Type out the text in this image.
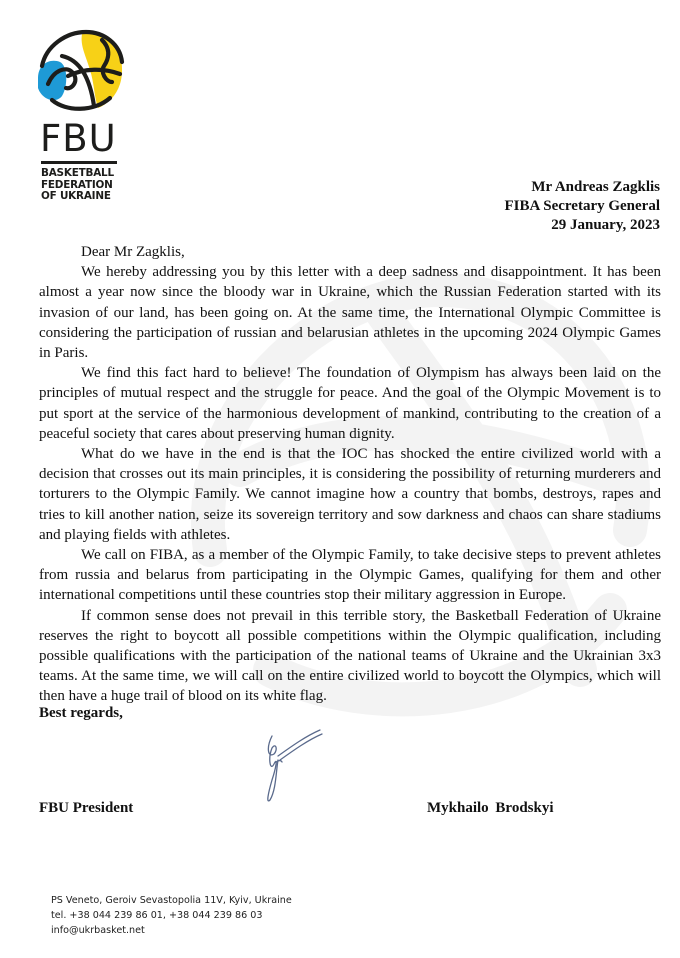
FBU
BASKETBALL
FEDERATION
OF UKRAINE
Mr Andreas Zagklis
FIBA Secretary General
29 January, 2023
Dear Mr Zagklis,

We hereby addressing you by this letter with a deep sadness and disappointment. It has been almost a year now since the bloody war in Ukraine, which the Russian Federation started with its invasion of our land, has been going on. At the same time, the International Olympic Committee is considering the participation of russian and belarusian athletes in the upcoming 2024 Olympic Games in Paris.

We find this fact hard to believe! The foundation of Olympism has always been laid on the principles of mutual respect and the struggle for peace. And the goal of the Olympic Movement is to put sport at the service of the harmonious development of mankind, contributing to the creation of a peaceful society that cares about preserving human dignity.

What do we have in the end is that the IOC has shocked the entire civilized world with a decision that crosses out its main principles, it is considering the possibility of returning murderers and torturers to the Olympic Family. We cannot imagine how a country that bombs, destroys, rapes and tries to kill another nation, seize its sovereign territory and sow darkness and chaos can share stadiums and playing fields with athletes.

We call on FIBA, as a member of the Olympic Family, to take decisive steps to prevent athletes from russia and belarus from participating in the Olympic Games, qualifying for them and other international competitions until these countries stop their military aggression in Europe.

If common sense does not prevail in this terrible story, the Basketball Federation of Ukraine reserves the right to boycott all possible competitions within the Olympic qualification, including possible qualifications with the participation of the national teams of Ukraine and the Ukrainian 3x3 teams. At the same time, we will call on the entire civilized world to boycott the Olympics, which will then have a huge trail of blood on its white flag.

Best regards,
FBU President	Mykhailo Brodskyi
PS Veneto, Geroiv Sevastopolia 11V, Kyiv, Ukraine
tel. +38 044 239 86 01, +38 044 239 86 03
info@ukrbasket.net
